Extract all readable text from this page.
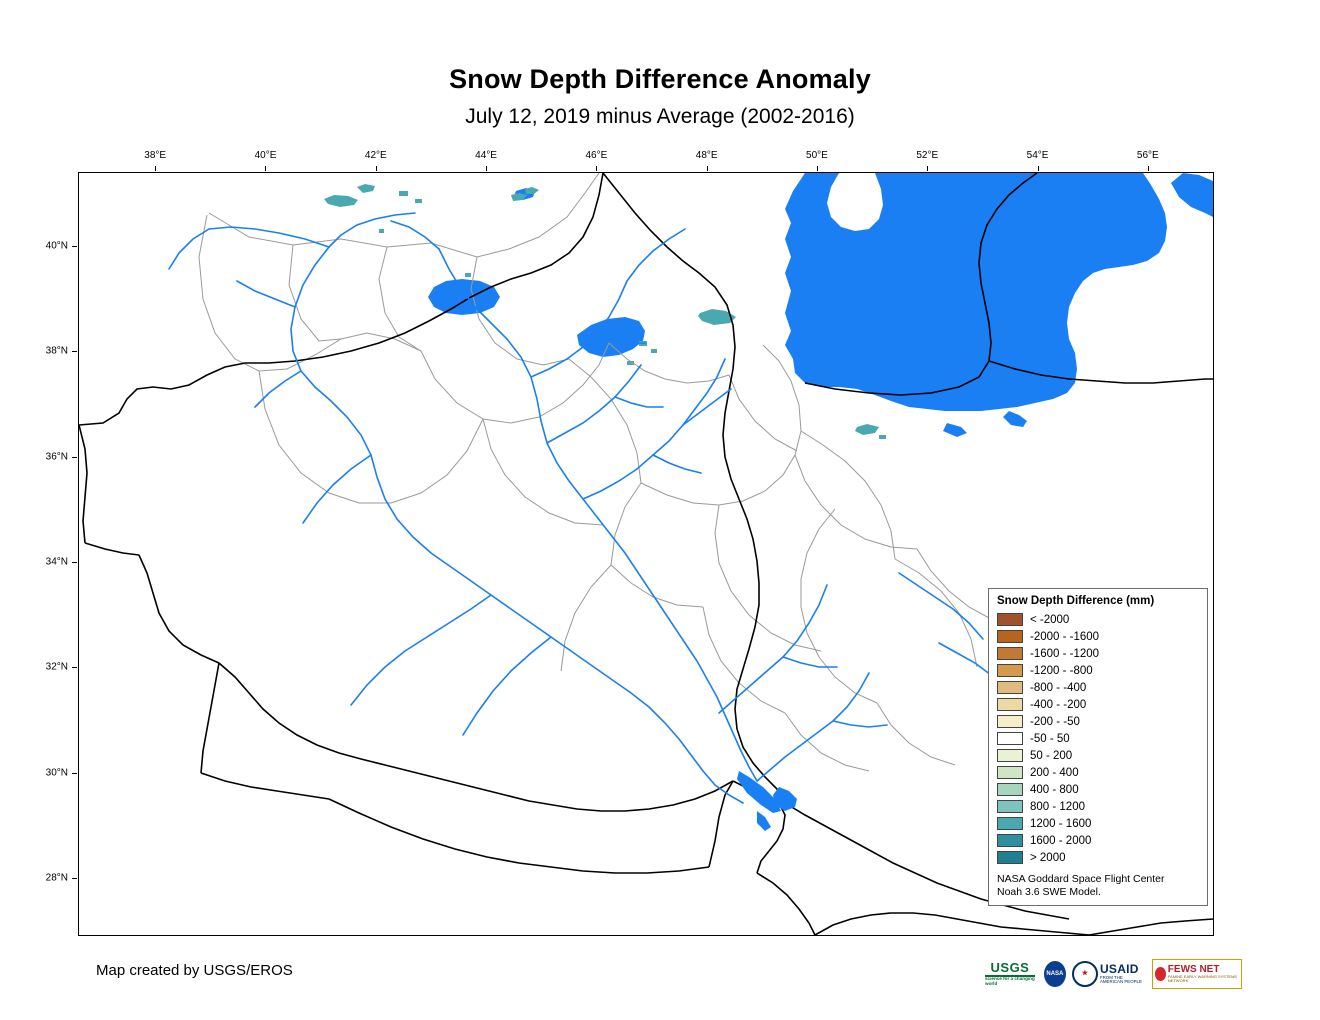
Snow Depth Difference Anomaly
July 12, 2019 minus Average (2002-2016)
38°E	40°E	42°E	44°E	46°E	48°E	50°E	52°E	54°E	56°E
40°N
38°N
36°N
34°N
32°N
30°N
28°N
Snow Depth Difference (mm)
< -2000
-2000 - -1600
-1600 - -1200
-1200 - -800
-800 - -400
-400 - -200
-200 - -50
-50 - 50
50 - 200
200 - 400
400 - 800
800 - 1200
1200 - 1600
1600 - 2000
> 2000
NASA Goddard Space Flight Center
Noah 3.6 SWE Model.
Map created by USGS/EROS	USGS
science for a changing world
NASA	★ USAID
FROM THE AMERICAN PEOPLE
FEWS NET
FAMINE EARLY WARNING SYSTEMS NETWORK
